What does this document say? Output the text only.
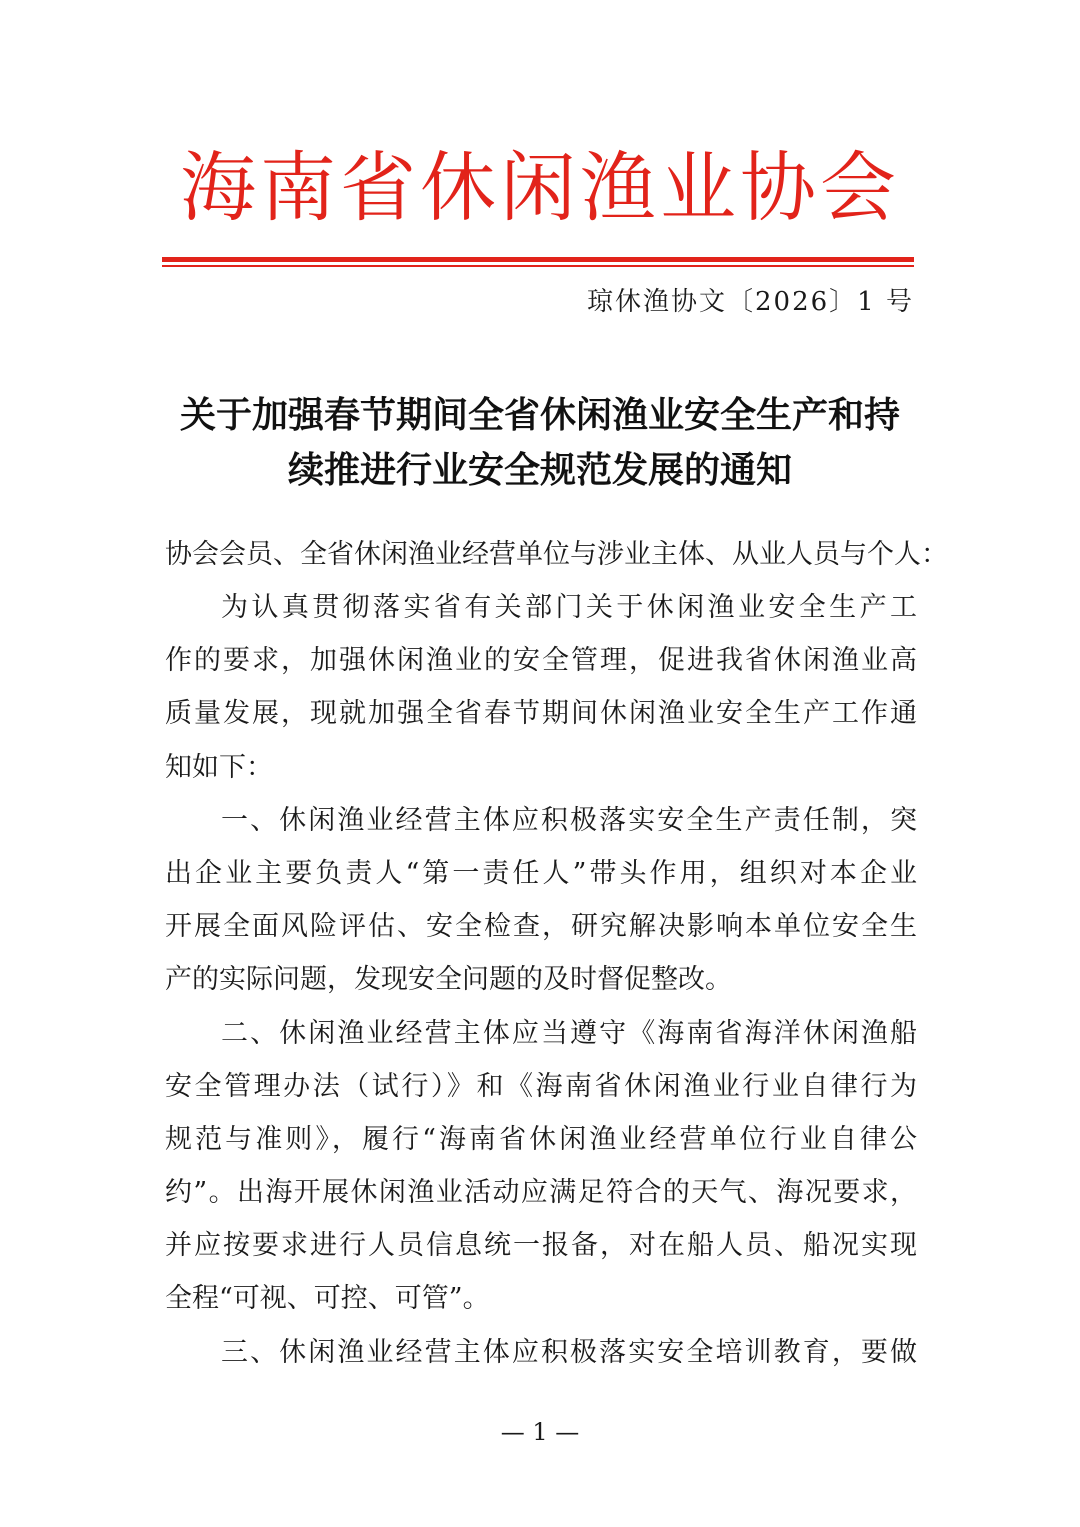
海南省休闲渔业协会
琼休渔协文〔2026〕1 号
关于加强春节期间全省休闲渔业安全生产和持
续推进行业安全规范发展的通知
协会会员、全省休闲渔业经营单位与涉业主体、从业人员与个人：
为认真贯彻落实省有关部门关于休闲渔业安全生产工
作的要求，加强休闲渔业的安全管理，促进我省休闲渔业高
质量发展，现就加强全省春节期间休闲渔业安全生产工作通
知如下：
一、休闲渔业经营主体应积极落实安全生产责任制，突
出企业主要负责人“第一责任人”带头作用，组织对本企业
开展全面风险评估、安全检查，研究解决影响本单位安全生
产的实际问题，发现安全问题的及时督促整改。
二、休闲渔业经营主体应当遵守《海南省海洋休闲渔船
安全管理办法（试行）》和《海南省休闲渔业行业自律行为
规范与准则》，履行“海南省休闲渔业经营单位行业自律公
约”。出海开展休闲渔业活动应满足符合的天气、海况要求，
并应按要求进行人员信息统一报备，对在船人员、船况实现
全程“可视、可控、可管”。
三、休闲渔业经营主体应积极落实安全培训教育，要做
— 1 —
